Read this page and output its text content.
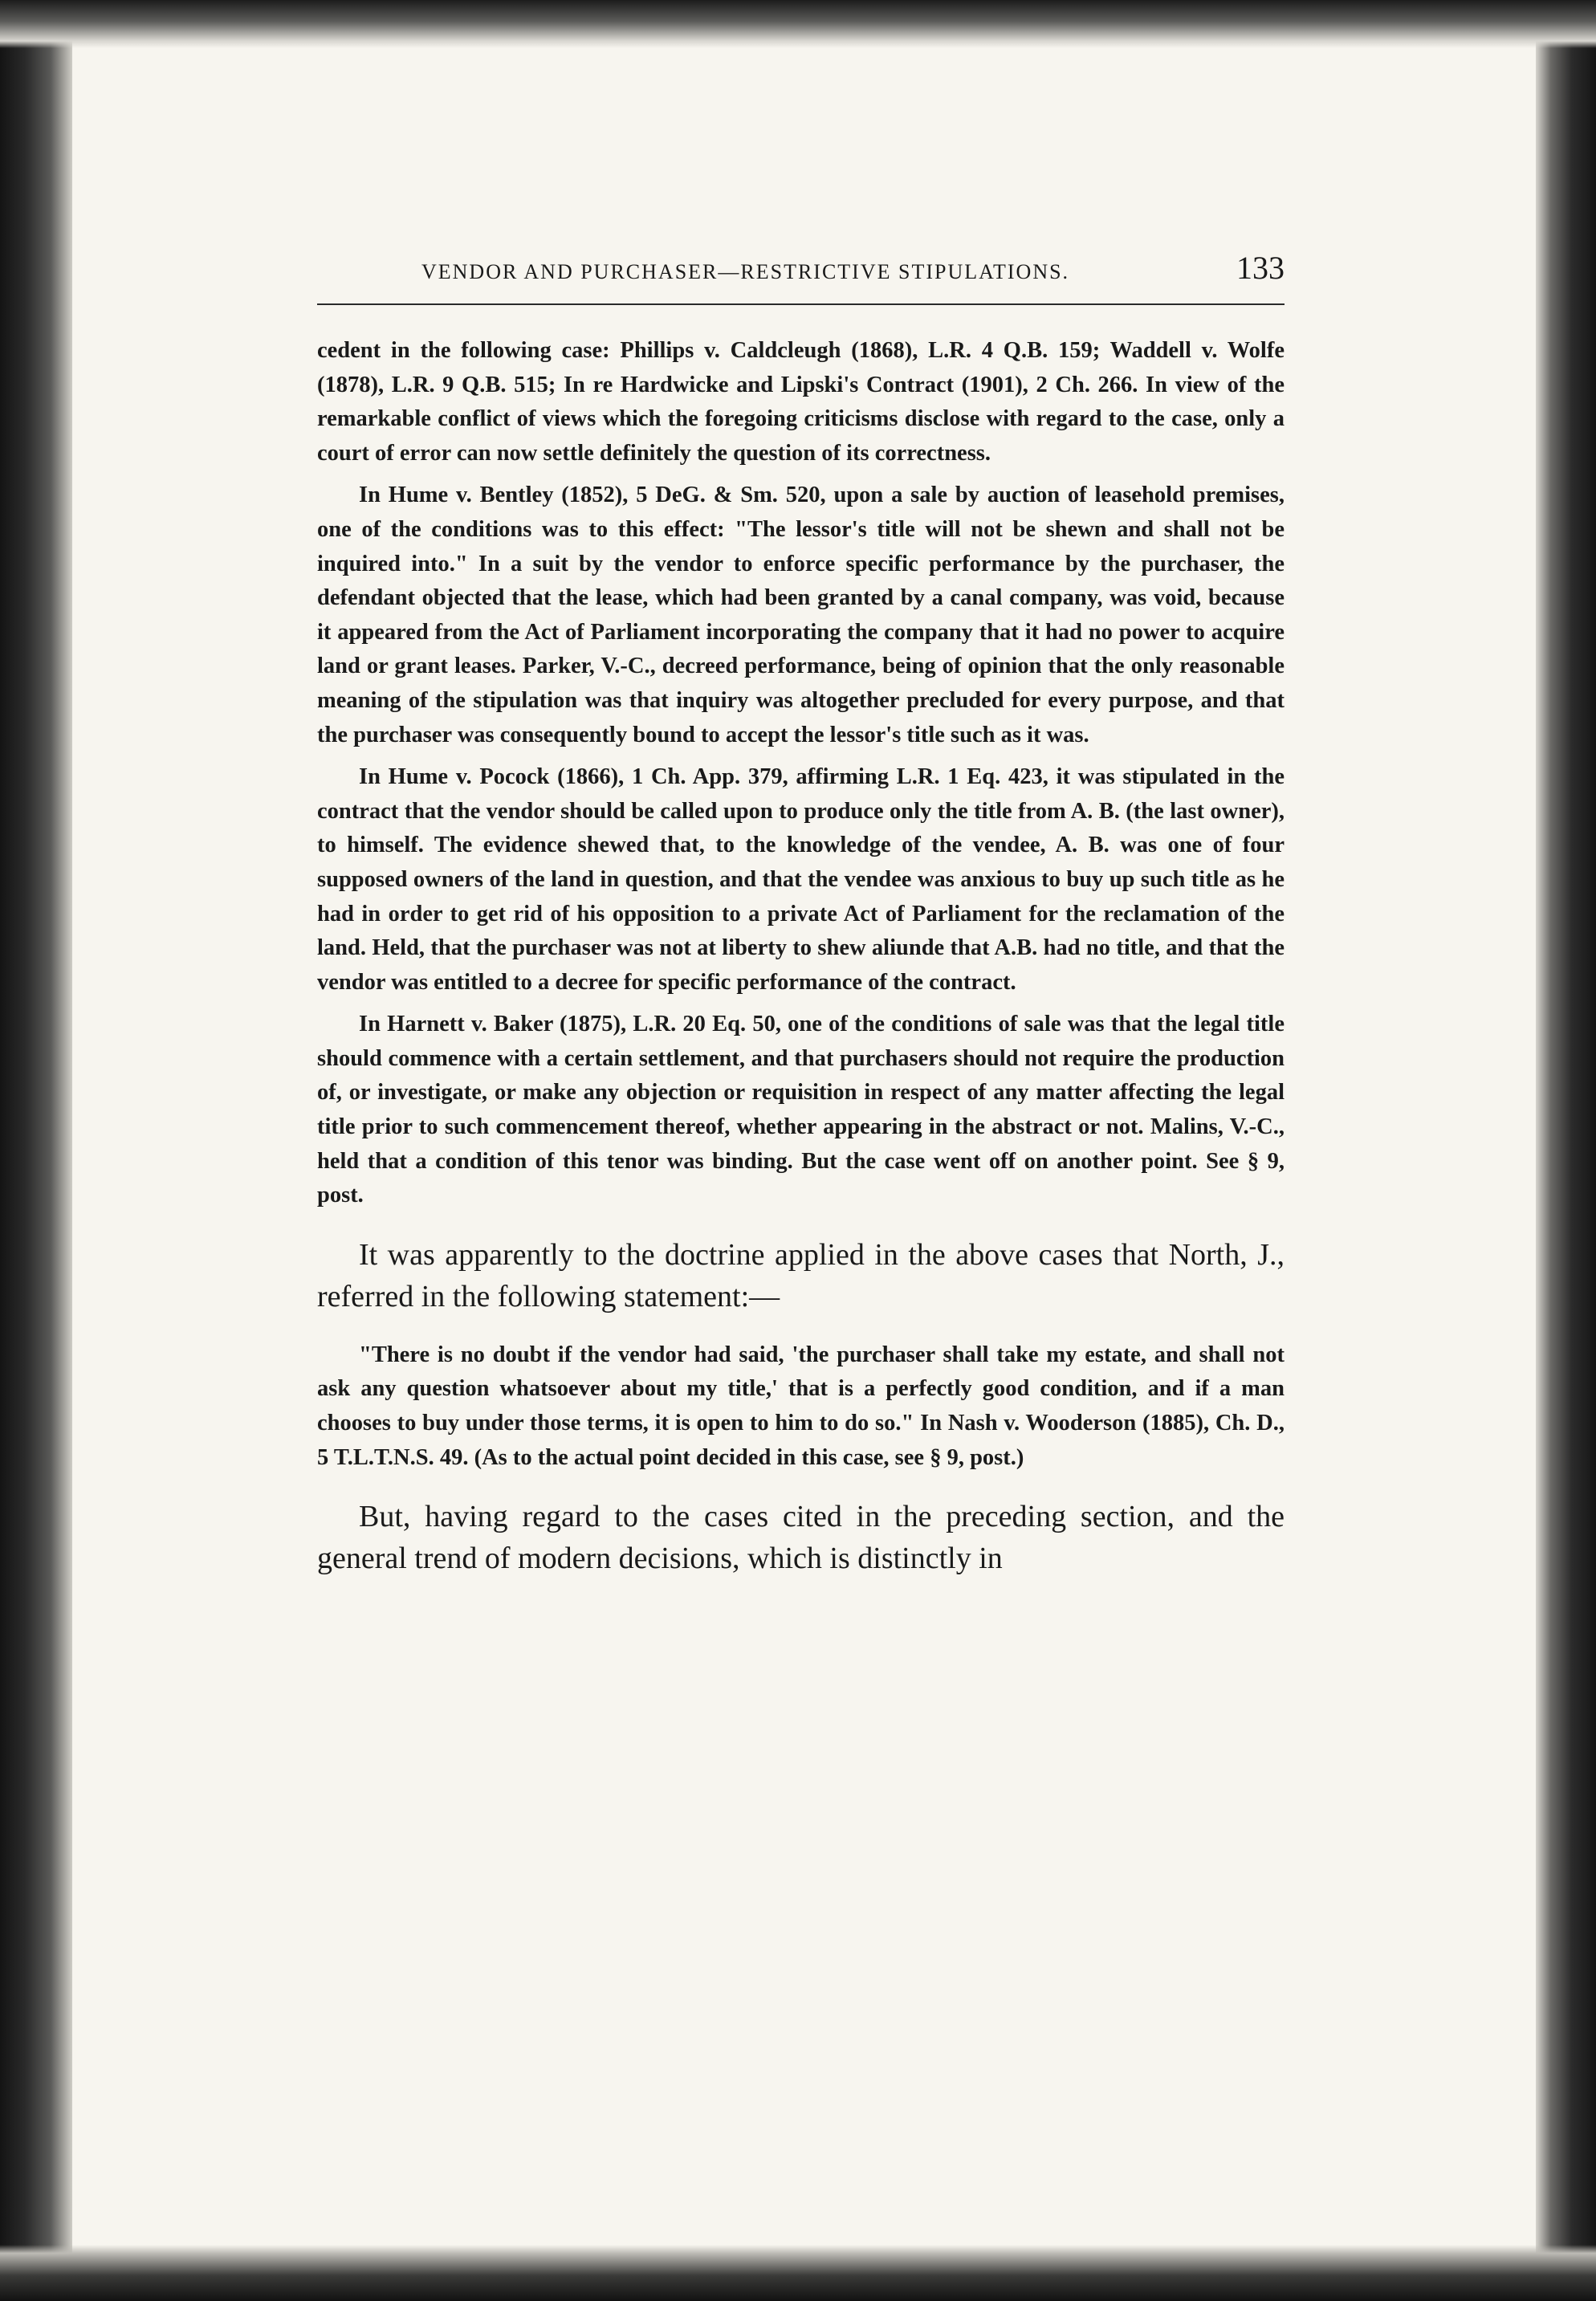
VENDOR AND PURCHASER—RESTRICTIVE STIPULATIONS.	133

cedent in the following case: Phillips v. Caldcleugh (1868), L.R. 4 Q.B. 159; Waddell v. Wolfe (1878), L.R. 9 Q.B. 515; In re Hardwicke and Lipski's Contract (1901), 2 Ch. 266. In view of the remarkable conflict of views which the foregoing criticisms disclose with regard to the case, only a court of error can now settle definitely the question of its correctness.

In Hume v. Bentley (1852), 5 DeG. & Sm. 520, upon a sale by auction of leasehold premises, one of the conditions was to this effect: "The lessor's title will not be shewn and shall not be inquired into." In a suit by the vendor to enforce specific performance by the purchaser, the defendant objected that the lease, which had been granted by a canal company, was void, because it appeared from the Act of Parliament incorporating the company that it had no power to acquire land or grant leases. Parker, V.-C., decreed performance, being of opinion that the only reasonable meaning of the stipulation was that inquiry was altogether precluded for every purpose, and that the purchaser was consequently bound to accept the lessor's title such as it was.

In Hume v. Pocock (1866), 1 Ch. App. 379, affirming L.R. 1 Eq. 423, it was stipulated in the contract that the vendor should be called upon to produce only the title from A. B. (the last owner), to himself. The evidence shewed that, to the knowledge of the vendee, A. B. was one of four supposed owners of the land in question, and that the vendee was anxious to buy up such title as he had in order to get rid of his opposition to a private Act of Parliament for the reclamation of the land. Held, that the purchaser was not at liberty to shew aliunde that A.B. had no title, and that the vendor was entitled to a decree for specific performance of the contract.

In Harnett v. Baker (1875), L.R. 20 Eq. 50, one of the conditions of sale was that the legal title should commence with a certain settlement, and that purchasers should not require the production of, or investigate, or make any objection or requisition in respect of any matter affecting the legal title prior to such commencement thereof, whether appearing in the abstract or not. Malins, V.-C., held that a condition of this tenor was binding. But the case went off on another point. See § 9, post.

It was apparently to the doctrine applied in the above cases that North, J., referred in the following statement:—

"There is no doubt if the vendor had said, 'the purchaser shall take my estate, and shall not ask any question whatsoever about my title,' that is a perfectly good condition, and if a man chooses to buy under those terms, it is open to him to do so." In Nash v. Wooderson (1885), Ch. D., 5 T.L.T.N.S. 49. (As to the actual point decided in this case, see § 9, post.)

But, having regard to the cases cited in the preceding section, and the general trend of modern decisions, which is distinctly in
